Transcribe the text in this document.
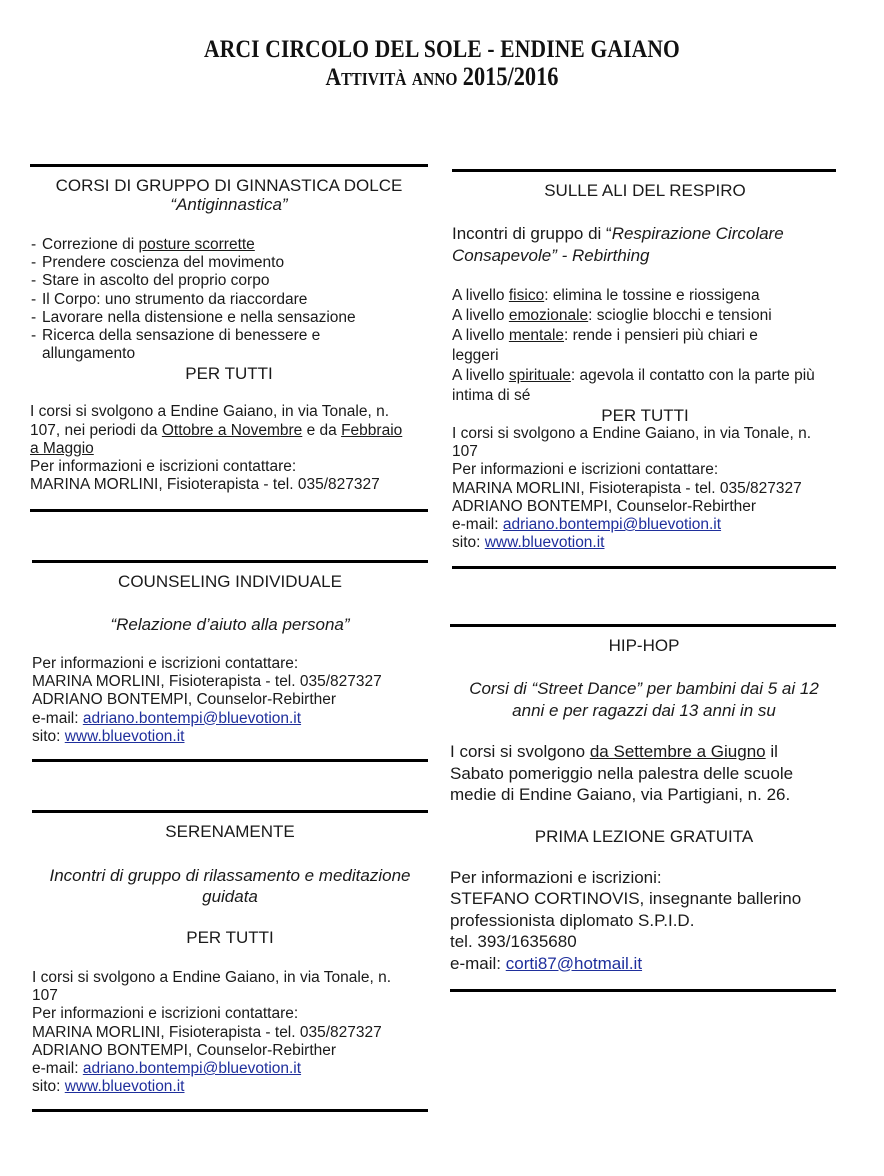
ARCI CIRCOLO DEL SOLE - ENDINE GAIANO
Attività anno 2015/2016
CORSI DI GRUPPO DI GINNASTICA DOLCE
“Antiginnastica”
- Correzione di posture scorrette
- Prendere coscienza del movimento
- Stare in ascolto del proprio corpo
- Il Corpo: uno strumento da riaccordare
- Lavorare nella distensione e nella sensazione
- Ricerca della sensazione di benessere e allungamento
PER TUTTI
I corsi si svolgono a Endine Gaiano, in via Tonale, n. 107, nei periodi da Ottobre a Novembre e da Febbraio a Maggio
Per informazioni e iscrizioni contattare:
MARINA MORLINI, Fisioterapista - tel. 035/827327
COUNSELING INDIVIDUALE
“Relazione d’aiuto alla persona”
Per informazioni e iscrizioni contattare:
MARINA MORLINI, Fisioterapista - tel. 035/827327
ADRIANO BONTEMPI, Counselor-Rebirther
e-mail: adriano.bontempi@bluevotion.it
sito: www.bluevotion.it
SERENAMENTE
Incontri di gruppo di rilassamento e meditazione guidata
PER TUTTI
I corsi si svolgono a Endine Gaiano, in via Tonale, n. 107
Per informazioni e iscrizioni contattare:
MARINA MORLINI, Fisioterapista - tel. 035/827327
ADRIANO BONTEMPI, Counselor-Rebirther
e-mail: adriano.bontempi@bluevotion.it
sito: www.bluevotion.it
SULLE ALI DEL RESPIRO
Incontri di gruppo di “Respirazione Circolare Consapevole” - Rebirthing
A livello fisico: elimina le tossine e riossigena
A livello emozionale: scioglie blocchi e tensioni
A livello mentale: rende i pensieri più chiari e leggeri
A livello spirituale: agevola il contatto con la parte più intima di sé
PER TUTTI
I corsi si svolgono a Endine Gaiano, in via Tonale, n. 107
Per informazioni e iscrizioni contattare:
MARINA MORLINI, Fisioterapista - tel. 035/827327
ADRIANO BONTEMPI, Counselor-Rebirther
e-mail: adriano.bontempi@bluevotion.it
sito: www.bluevotion.it
HIP-HOP
Corsi di “Street Dance” per bambini dai 5 ai 12 anni e per ragazzi dai 13 anni in su
I corsi si svolgono da Settembre a Giugno il Sabato pomeriggio nella palestra delle scuole medie di Endine Gaiano, via Partigiani, n. 26.
PRIMA LEZIONE GRATUITA
Per informazioni e iscrizioni:
STEFANO CORTINOVIS, insegnante ballerino professionista diplomato S.P.I.D.
tel. 393/1635680
e-mail: corti87@hotmail.it
